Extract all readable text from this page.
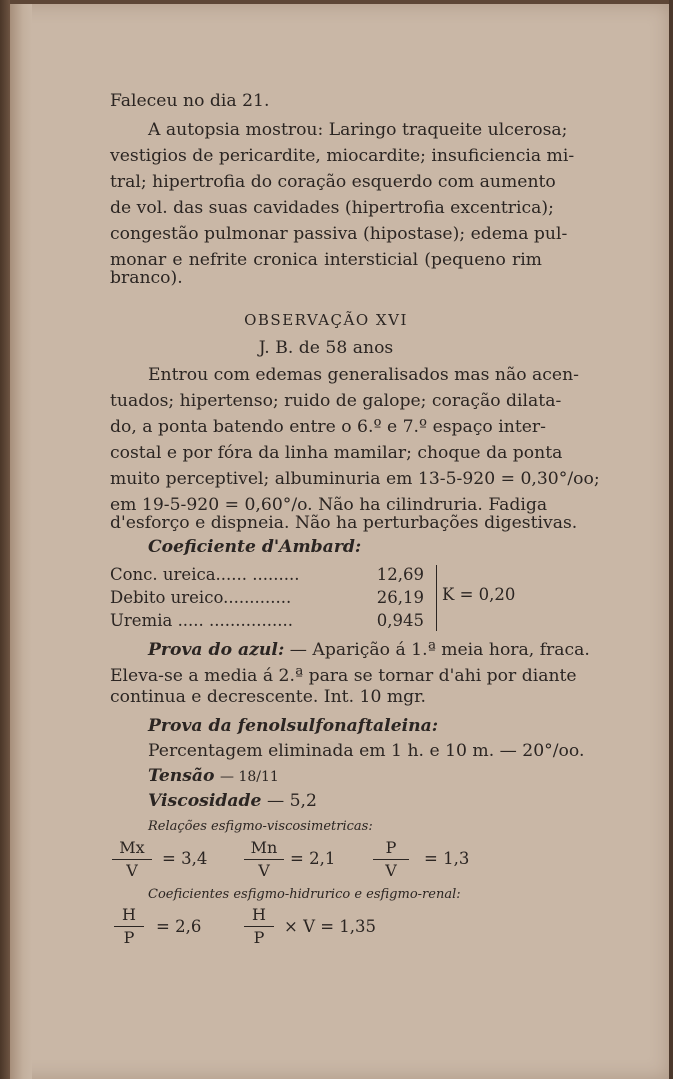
Faleceu no dia 21.
A autopsia mostrou: Laringo traqueite ulcerosa;
vestigios de pericardite, miocardite; insuficiencia mi-
tral; hipertrofia do coração esquerdo com aumento
de vol. das suas cavidades (hipertrofia excentrica);
congestão pulmonar passiva (hipostase); edema pul-
monar e nefrite cronica intersticial (pequeno rim
branco).
OBSERVAÇÃO XVI
J. B. de 58 anos
Entrou com edemas generalisados mas não acen-
tuados; hipertenso; ruido de galope; coração dilata-
do, a ponta batendo entre o 6.º e 7.º espaço inter-
costal e por fóra da linha mamilar; choque da ponta
muito perceptivel; albuminuria em 13-5-920 = 0,30°/oo;
em 19-5-920 = 0,60°/o. Não ha cilindruria. Fadiga
d'esforço e dispneia. Não ha perturbações digestivas.
Coeficiente d'Ambard:
Conc. ureica...... .........	12,69
Debito ureico.............	26,19
Uremia ..... ................	0,945
K = 0,20
Prova do azul: — Aparição á 1.ª meia hora, fraca.
Eleva-se a media á 2.ª para se tornar d'ahi por diante
continua e decrescente. Int. 10 mgr.
Prova da fenolsulfonaftaleina:
Percentagem eliminada em 1 h. e 10 m. — 20°/oo.
Tensão — 18/11
Viscosidade — 5,2
Relações esfigmo-viscosimetricas:
Mx
V
= 3,4
Mn
V
= 2,1
P
V
= 1,3
Coeficientes esfigmo-hidrurico e esfigmo-renal:
H
P
= 2,6
H
P
× V = 1,35
